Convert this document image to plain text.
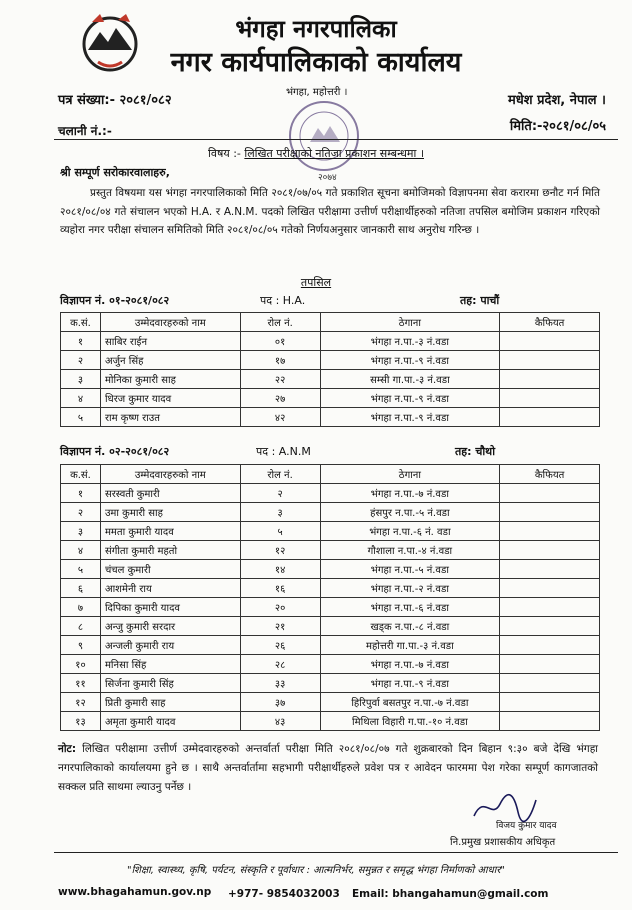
भंगहा नगरपालिका
नगर कार्यपालिकाको कार्यालय
भंगहा, महोत्तरी ।
२०७४
पत्र संख्या:- २०८१/०८२
चलानी नं.:-
मधेश प्रदेश, नेपाल ।
मिति:-२०८१/०८/०५
विषय :- लिखित परीक्षाको नतिजा प्रकाशन सम्बन्धमा ।
श्री सम्पूर्ण सरोकारवालाहरु,
प्रस्तुत विषयमा यस भंगहा नगरपालिकाको मिति २०८१/०७/०५ गते प्रकाशित सूचना बमोजिमको विज्ञापनमा सेवा करारमा छनौट गर्न मिति २०८१/०८/०४ गते संचालन भएको H.A. र A.N.M. पदको लिखित परीक्षामा उत्तीर्ण परीक्षार्थीहरुको नतिजा तपसिल बमोजिम प्रकाशन गरिएको व्यहोरा नगर परीक्षा संचालन समितिको मिति २०८१/०८/०५ गतेको निर्णयअनुसार जानकारी साथ अनुरोध गरिन्छ ।
तपसिल
विज्ञापन नं. ०१-२०८१/०८२	पद : H.A.	तह: पाचौं
क.सं.	उम्मेदवारहरुको नाम	रोल नं.	ठेगाना	कैफियत
१	साबिर राईन	०१	भंगहा न.पा.-३ नं.वडा	
२	अर्जुन सिंह	१७	भंगहा न.पा.-९ नं.वडा	
३	मोनिका कुमारी साह	२२	सम्सी गा.पा.-३ नं.वडा	
४	धिरज कुमार यादव	२७	भंगहा न.पा.-९ नं.वडा	
५	राम कृष्ण राउत	४२	भंगहा न.पा.-९ नं.वडा	
विज्ञापन नं. ०२-२०८१/०८२	पद : A.N.M	तह: चौथो
क.सं.	उम्मेदवारहरुको नाम	रोल नं.	ठेगाना	कैफियत
१	सरस्वती कुमारी	२	भंगहा न.पा.-७ नं.वडा	
२	उमा कुमारी साह	३	हंसपुर न.पा.-५ नं.वडा	
३	ममता कुमारी यादव	५	भंगहा न.पा.-६ नं. वडा	
४	संगीता कुमारी महतो	१२	गौशाला न.पा.-४ नं.वडा	
५	चंचल कुमारी	१४	भंगहा न.पा.-५ नं.वडा	
६	आशमेनी राय	१६	भंगहा न.पा.-२ नं.वडा	
७	दिपिका कुमारी यादव	२०	भंगहा न.पा.-६ नं.वडा	
८	अन्जु कुमारी सरदार	२१	खड्क न.पा.-८ नं.वडा	
९	अन्जली कुमारी राय	२६	महोत्तरी गा.पा.-३ नं.वडा	
१०	मनिसा सिंह	२८	भंगहा न.पा.-७ नं.वडा	
११	सिर्जना कुमारी सिंह	३३	भंगहा न.पा.-९ नं.वडा	
१२	प्रिती कुमारी साह	३७	हिरिपुर्वा बसतपुर न.पा.-७ नं.वडा	
१३	अमृता कुमारी यादव	४३	मिथिला विहारी ग.पा.-१० नं.वडा	
नोट: लिखित परीक्षामा उत्तीर्ण उम्मेदवारहरुको अन्तर्वार्ता परीक्षा मिति २०८१/०८/०७ गते शुक्रबारको दिन बिहान ९:३० बजे देखि भंगहा नगरपालिकाको कार्यालयमा हुने छ । साथै अन्तर्वार्तामा सहभागी परीक्षार्थीहरुले प्रवेश पत्र र आवेदन फारममा पेश गरेका सम्पूर्ण कागजातको सक्कल प्रति साथमा ल्याउनु पर्नेछ ।
विजय कुमार यादव
नि.प्रमुख प्रशासकीय अधिकृत
"शिक्षा, स्वास्थ्य, कृषि, पर्यटन, संस्कृति र पूर्वाधार : आत्मनिर्भर, समुन्नत र समृद्ध भंगहा निर्माणको आधार"
www.bhagahamun.gov.np +977- 9854032003 Email: bhangahamun@gmail.com
